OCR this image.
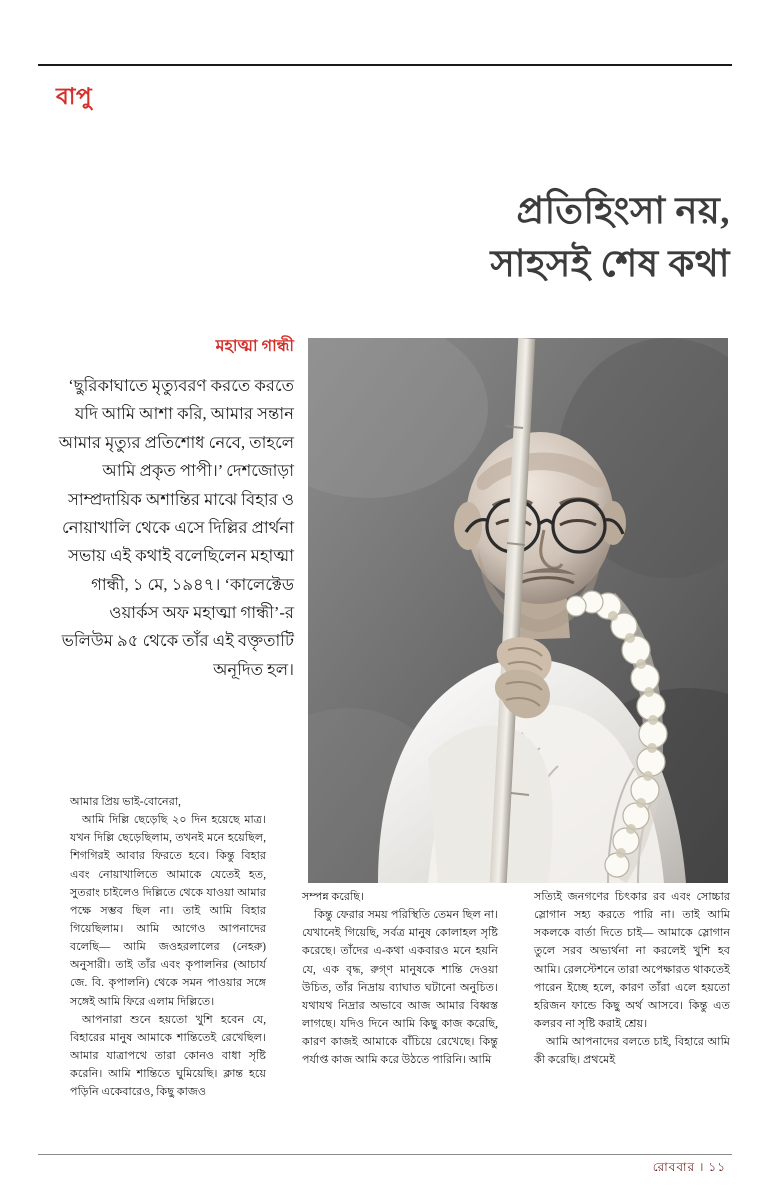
বাপু
প্রতিহিংসা নয়,
সাহসই শেষ কথা
মহাত্মা গান্ধী
‘ছুরিকাঘাতে মৃত্যুবরণ করতে করতে যদি আমি আশা করি, আমার সন্তান আমার মৃত্যুর প্রতিশোধ নেবে, তাহলে আমি প্রকৃত পাপী।’ দেশজোড়া সাম্প্রদায়িক অশান্তির মাঝে বিহার ও নোয়াখালি থেকে এসে দিল্লির প্রার্থনা সভায় এই কথাই বলেছিলেন মহাত্মা গান্ধী, ১ মে, ১৯৪৭। ‘কালেক্টেড ওয়ার্কস অফ মহাত্মা গান্ধী’-র ভলিউম ৯৫ থেকে তাঁর এই বক্তৃতাটি অনূদিত হল।

আমার প্রিয় ভাই-বোনেরা,

আমি দিল্লি ছেড়েছি ২০ দিন হয়েছে মাত্র। যখন দিল্লি ছেড়েছিলাম, তখনই মনে হয়েছিল, শিগগিরই আবার ফিরতে হবে। কিন্তু বিহার এবং নোয়াখালিতে আমাকে যেতেই হত, সুতরাং চাইলেও দিল্লিতে থেকে যাওয়া আমার পক্ষে সম্ভব ছিল না। তাই আমি বিহার গিয়েছিলাম। আমি আগেও আপনাদের বলেছি— আমি জওহরলালের (নেহরু) অনুসারী। তাই তাঁর এবং কৃপালনির (আচার্য জে. বি. কৃপালনি) থেকে সমন পাওয়ার সঙ্গে সঙ্গেই আমি ফিরে এলাম দিল্লিতে।

আপনারা শুনে হয়তো খুশি হবেন যে, বিহারের মানুষ আমাকে শান্তিতেই রেখেছিল। আমার যাত্রাপথে তারা কোনও বাধা সৃষ্টি করেনি। আমি শান্তিতে ঘুমিয়েছি। ক্লান্ত হয়ে পড়িনি একেবারেও, কিছু কাজও

সম্পন্ন করেছি।

কিন্তু ফেরার সময় পরিস্থিতি তেমন ছিল না। যেখানেই গিয়েছি, সর্বত্র মানুষ কোলাহল সৃষ্টি করেছে। তাঁদের এ-কথা একবারও মনে হয়নি যে, এক বৃদ্ধ, রুগ্ণ মানুষকে শান্তি দেওয়া উচিত, তাঁর নিদ্রায় ব্যাঘাত ঘটানো অনুচিত। যথাযথ নিদ্রার অভাবে আজ আমার বিধ্বস্ত লাগছে। যদিও দিনে আমি কিছু কাজ করেছি, কারণ কাজই আমাকে বাঁচিয়ে রেখেছে। কিন্তু পর্যাপ্ত কাজ আমি করে উঠতে পারিনি। আমি

সত্যিই জনগণের চিৎকার রব এবং সোচ্চার স্লোগান সহ্য করতে পারি না। তাই আমি সকলকে বার্তা দিতে চাই— আমাকে স্লোগান তুলে সরব অভ্যর্থনা না করলেই খুশি হব আমি। রেলস্টেশনে তারা অপেক্ষারত থাকতেই পারেন ইচ্ছে হলে, কারণ তাঁরা এলে হয়তো হরিজন ফান্ডে কিছু অর্থ আসবে। কিন্তু এত কলরব না সৃষ্টি করাই শ্রেয়।

আমি আপনাদের বলতে চাই, বিহারে আমি কী করেছি। প্রথমেই

রোববার । ১১
